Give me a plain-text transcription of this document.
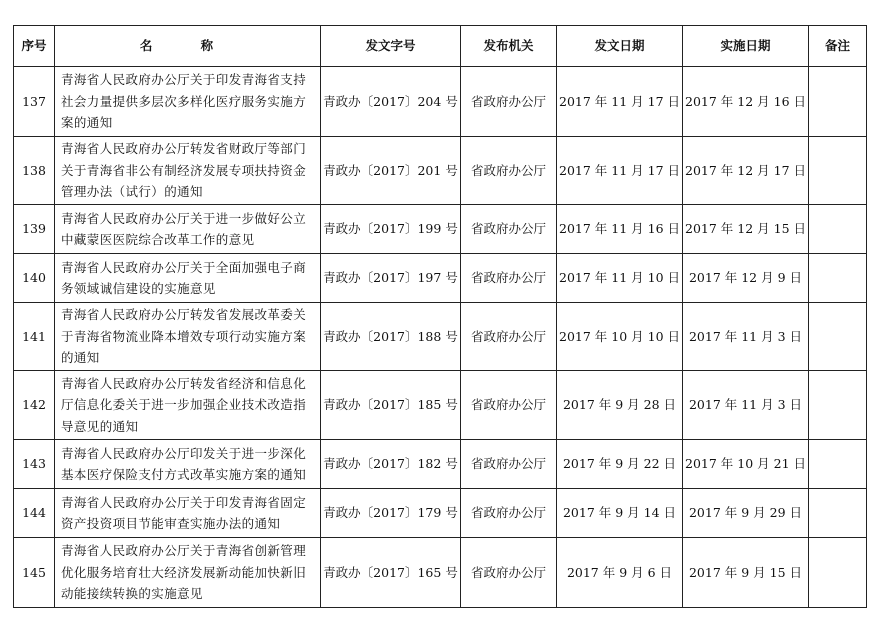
序号	名 称	发文字号	发布机关	发文日期	实施日期	备注
137	青海省人民政府办公厅关于印发青海省支持社会力量提供多层次多样化医疗服务实施方案的通知	青政办〔2017〕204 号	省政府办公厅	2017 年 11 月 17 日	2017 年 12 月 16 日	
138	青海省人民政府办公厅转发省财政厅等部门关于青海省非公有制经济发展专项扶持资金管理办法（试行）的通知	青政办〔2017〕201 号	省政府办公厅	2017 年 11 月 17 日	2017 年 12 月 17 日	
139	青海省人民政府办公厅关于进一步做好公立中藏蒙医医院综合改革工作的意见	青政办〔2017〕199 号	省政府办公厅	2017 年 11 月 16 日	2017 年 12 月 15 日	
140	青海省人民政府办公厅关于全面加强电子商务领域诚信建设的实施意见	青政办〔2017〕197 号	省政府办公厅	2017 年 11 月 10 日	2017 年 12 月 9 日	
141	青海省人民政府办公厅转发省发展改革委关于青海省物流业降本增效专项行动实施方案的通知	青政办〔2017〕188 号	省政府办公厅	2017 年 10 月 10 日	2017 年 11 月 3 日	
142	青海省人民政府办公厅转发省经济和信息化厅信息化委关于进一步加强企业技术改造指导意见的通知	青政办〔2017〕185 号	省政府办公厅	2017 年 9 月 28 日	2017 年 11 月 3 日	
143	青海省人民政府办公厅印发关于进一步深化基本医疗保险支付方式改革实施方案的通知	青政办〔2017〕182 号	省政府办公厅	2017 年 9 月 22 日	2017 年 10 月 21 日	
144	青海省人民政府办公厅关于印发青海省固定资产投资项目节能审查实施办法的通知	青政办〔2017〕179 号	省政府办公厅	2017 年 9 月 14 日	2017 年 9 月 29 日	
145	青海省人民政府办公厅关于青海省创新管理优化服务培育壮大经济发展新动能加快新旧动能接续转换的实施意见	青政办〔2017〕165 号	省政府办公厅	2017 年 9 月 6 日	2017 年 9 月 15 日	
